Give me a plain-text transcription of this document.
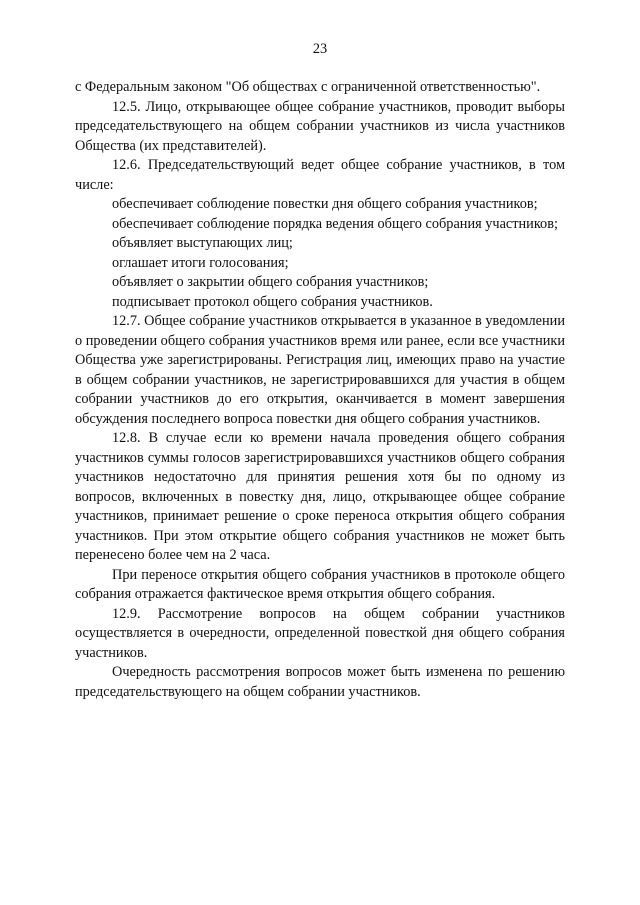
23

с Федеральным законом "Об обществах с ограниченной ответственностью".

12.5. Лицо, открывающее общее собрание участников, проводит выборы председательствующего на общем собрании участников из числа участников Общества (их представителей).

12.6. Председательствующий ведет общее собрание участников, в том числе:

обеспечивает соблюдение повестки дня общего собрания участников;

обеспечивает соблюдение порядка ведения общего собрания участников;

объявляет выступающих лиц;

оглашает итоги голосования;

объявляет о закрытии общего собрания участников;

подписывает протокол общего собрания участников.

12.7. Общее собрание участников открывается в указанное в уведомлении о проведении общего собрания участников время или ранее, если все участники Общества уже зарегистрированы. Регистрация лиц, имеющих право на участие в общем собрании участников, не зарегистрировавшихся для участия в общем собрании участников до его открытия, оканчивается в момент завершения обсуждения последнего вопроса повестки дня общего собрания участников.

12.8. В случае если ко времени начала проведения общего собрания участников суммы голосов зарегистрировавшихся участников общего собрания участников недостаточно для принятия решения хотя бы по одному из вопросов, включенных в повестку дня, лицо, открывающее общее собрание участников, принимает решение о сроке переноса открытия общего собрания участников. При этом открытие общего собрания участников не может быть перенесено более чем на 2 часа.

При переносе открытия общего собрания участников в протоколе общего собрания отражается фактическое время открытия общего собрания.

12.9. Рассмотрение вопросов на общем собрании участников осуществляется в очередности, определенной повесткой дня общего собрания участников.

Очередность рассмотрения вопросов может быть изменена по решению председательствующего на общем собрании участников.
